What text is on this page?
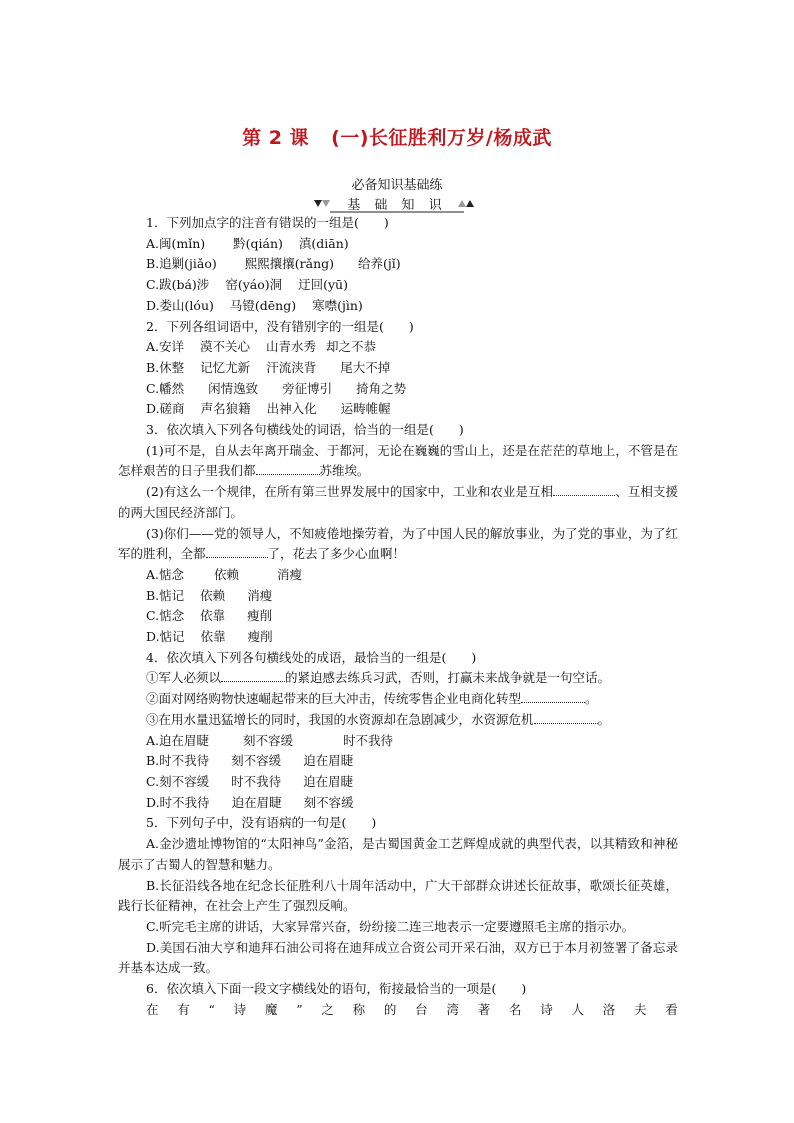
第 2 课 (一)长征胜利万岁/杨成武
必备知识基础练
基 础 知 识
1．下列加点字的注音有错误的一组是(　　)
A.闽(mǐn) 黔(qián) 滇(diān)
B.追剿(jiǎo) 熙熙攘攘(rǎng) 给养(jǐ)
C.跋(bá)涉 窑(yáo)洞 迂回(yū)
D.娄山(lóu) 马镫(dēng) 寒噤(jìn)
2．下列各组词语中，没有错别字的一组是(　　)
A.安详 漠不关心 山青水秀 却之不恭
B.休整 记忆尤新 汗流浃背 尾大不掉
C.幡然 闲情逸致 旁征博引 掎角之势
D.磋商 声名狼籍 出神入化 运畴帷幄
3．依次填入下列各句横线处的词语，恰当的一组是(　　)
(1)可不是，自从去年离开瑞金、于都河，无论在巍巍的雪山上，还是在茫茫的草地上，不管是在怎样艰苦的日子里我们都	苏维埃。
(2)有这么一个规律，在所有第三世界发展中的国家中，工业和农业是互相	、互相支援的两大国民经济部门。
(3)你们——党的领导人，不知疲倦地操劳着，为了中国人民的解放事业，为了党的事业，为了红军的胜利，全都	了，花去了多少心血啊！
A.惦念 依赖	消瘦
B.惦记 依赖 消瘦
C.惦念 依靠 瘦削
D.惦记 依靠 瘦削
4．依次填入下列各句横线处的成语，最恰当的一组是(　　)
①军人必须以	的紧迫感去练兵习武，否则，打赢未来战争就是一句空话。
②面对网络购物快速崛起带来的巨大冲击，传统零售企业电商化转型	。
③在用水量迅猛增长的同时，我国的水资源却在急剧减少，水资源危机	。
A.迫在眉睫	刻不容缓	时不我待
B.时不我待 刻不容缓 迫在眉睫
C.刻不容缓 时不我待 迫在眉睫
D.时不我待 迫在眉睫 刻不容缓
5．下列句子中，没有语病的一句是(　　)
A.金沙遗址博物馆的“太阳神鸟”金箔，是古蜀国黄金工艺辉煌成就的典型代表，以其精致和神秘展示了古蜀人的智慧和魅力。
B.长征沿线各地在纪念长征胜利八十周年活动中，广大干部群众讲述长征故事，歌颂长征英雄，践行长征精神，在社会上产生了强烈反响。
C.听完毛主席的讲话，大家异常兴奋，纷纷接二连三地表示一定要遵照毛主席的指示办。
D.美国石油大亨和迪拜石油公司将在迪拜成立合资公司开采石油，双方已于本月初签署了备忘录并基本达成一致。
6．依次填入下面一段文字横线处的语句，衔接最恰当的一项是(　　)
在 有 “ 诗 魔 ” 之 称 的 台 湾 著 名 诗 人 洛 夫 看
